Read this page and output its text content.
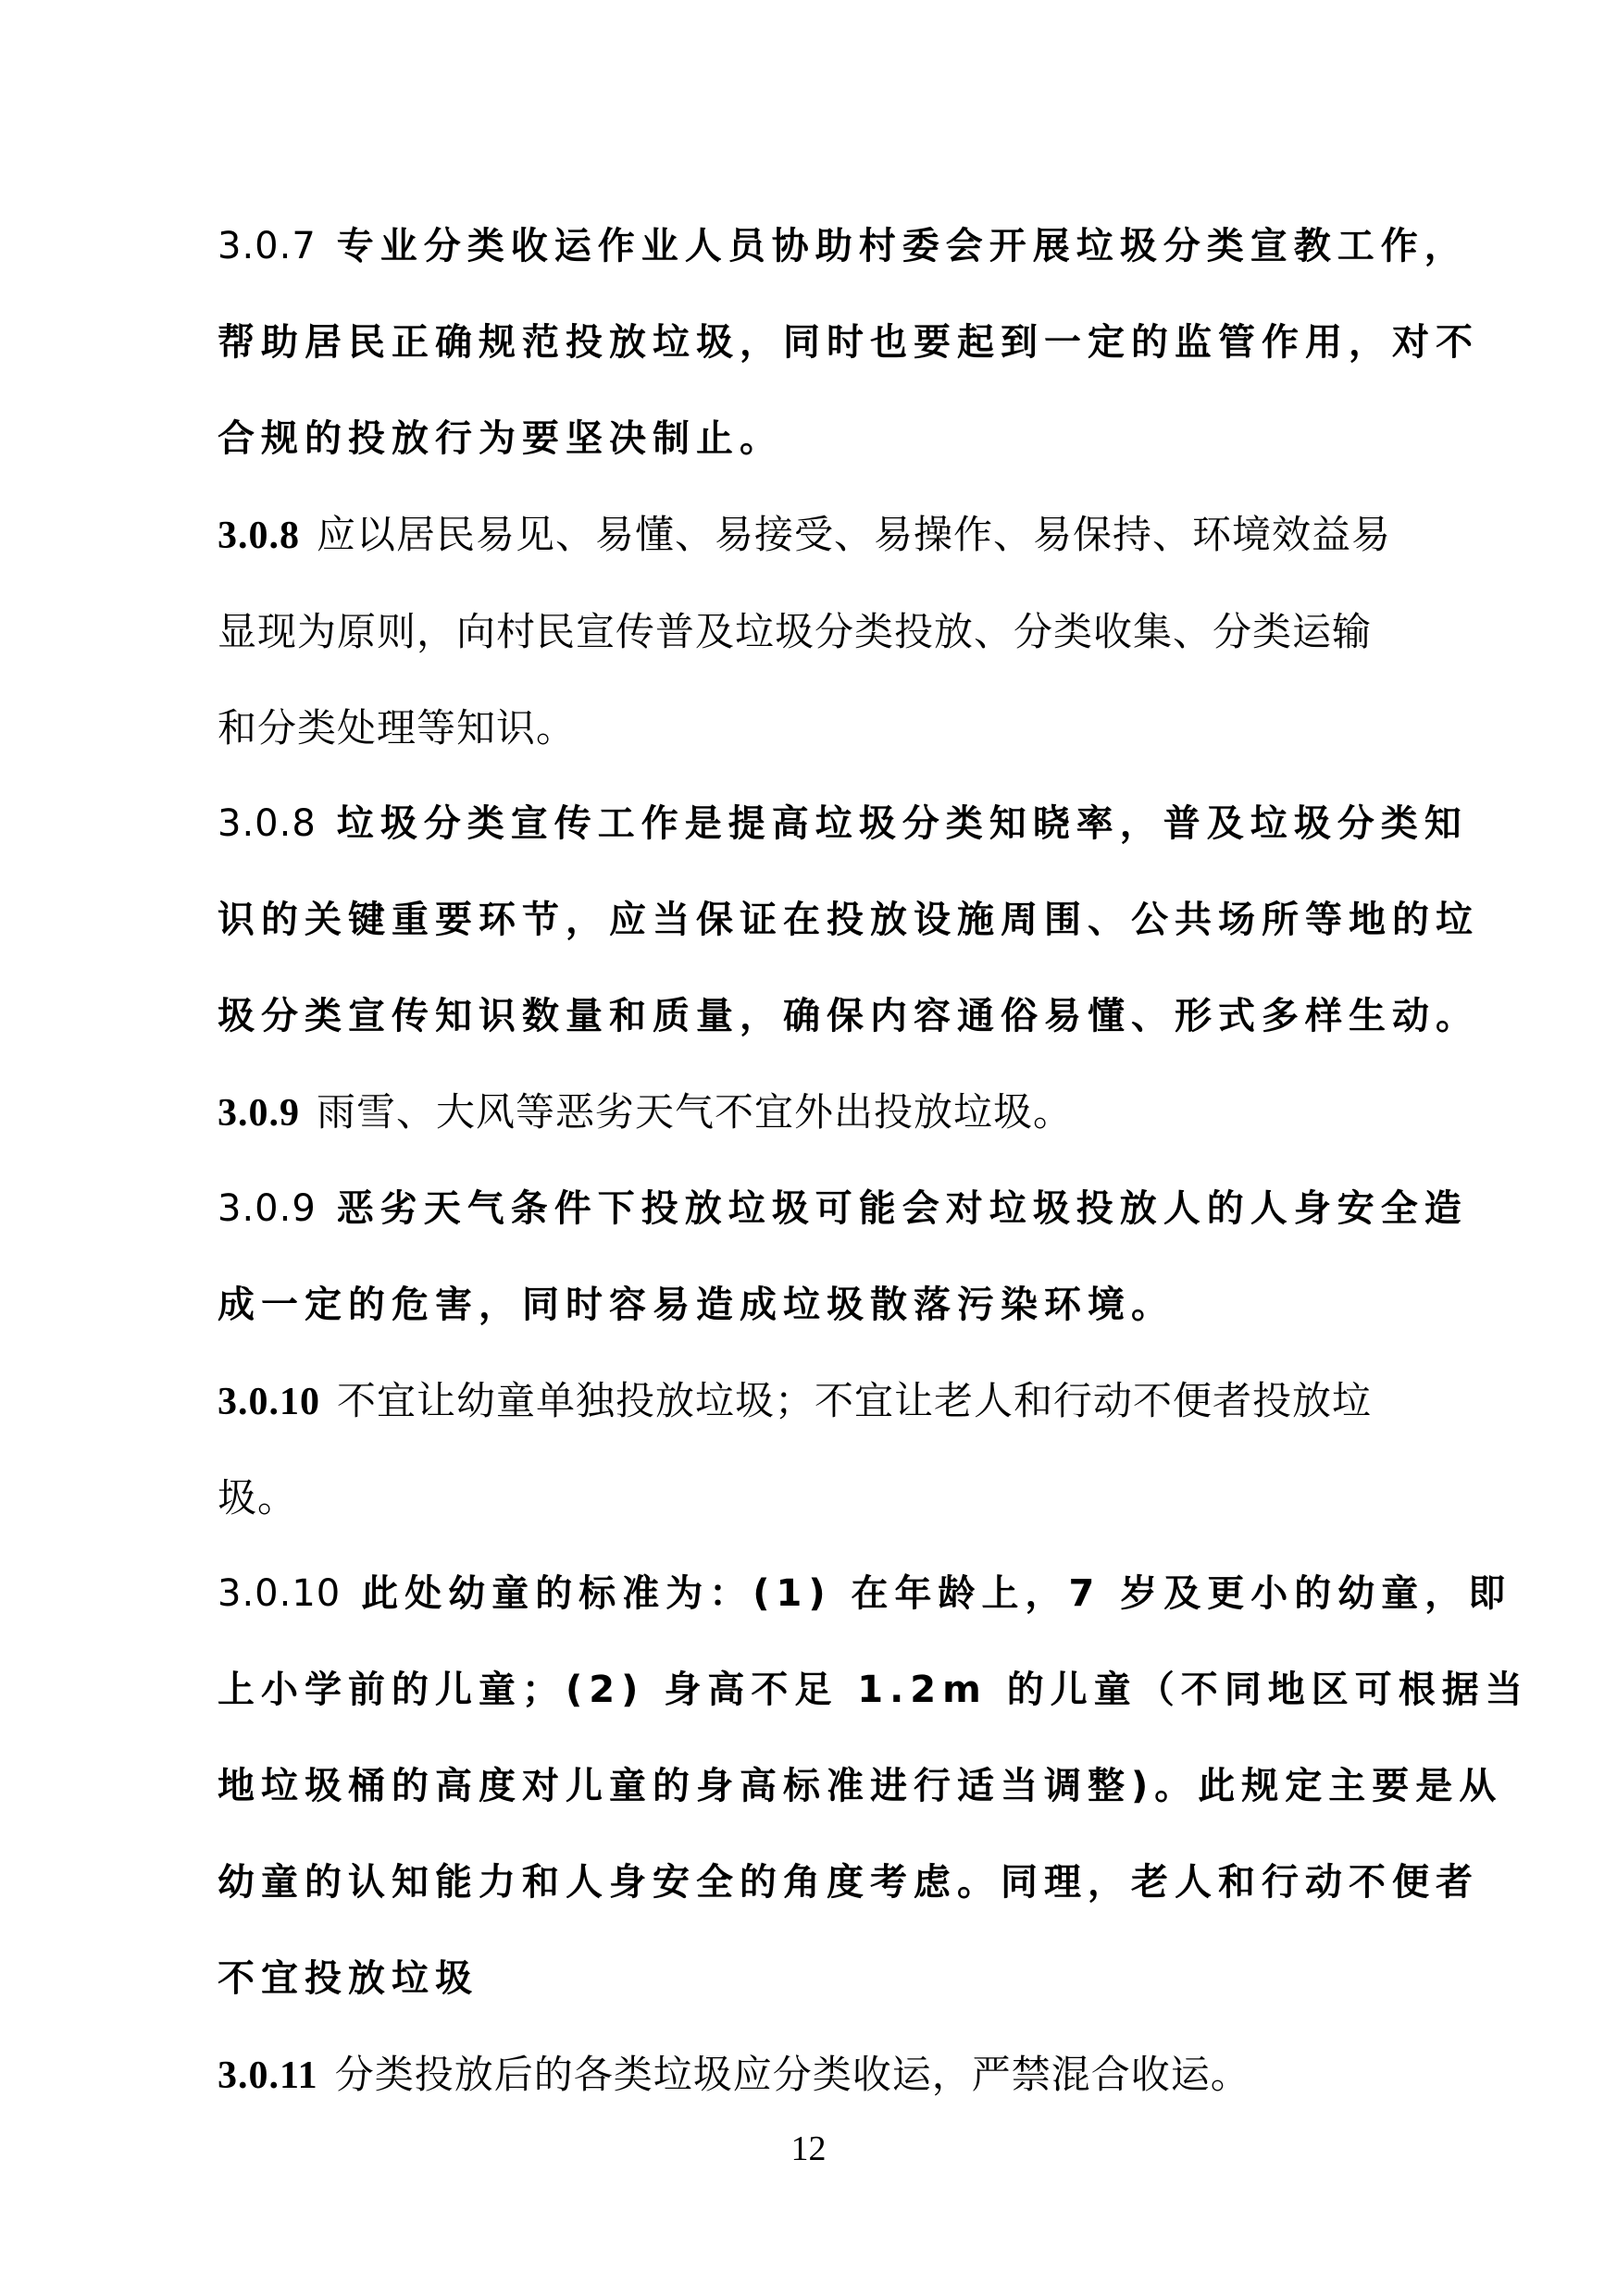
3.0.7 专业分类收运作业人员协助村委会开展垃圾分类宣教工作，
帮助居民正确规范投放垃圾，同时也要起到一定的监管作用，对不
合规的投放行为要坚决制止。
3.0.8 应以居民易见、易懂、易接受、易操作、易保持、环境效益易
显现为原则，向村民宣传普及垃圾分类投放、分类收集、分类运输
和分类处理等知识。
3.0.8 垃圾分类宣传工作是提高垃圾分类知晓率，普及垃圾分类知
识的关键重要环节，应当保证在投放设施周围、公共场所等地的垃
圾分类宣传知识数量和质量，确保内容通俗易懂、形式多样生动。
3.0.9 雨雪、大风等恶劣天气不宜外出投放垃圾。
3.0.9 恶劣天气条件下投放垃圾可能会对垃圾投放人的人身安全造
成一定的危害，同时容易造成垃圾散落污染环境。
3.0.10 不宜让幼童单独投放垃圾；不宜让老人和行动不便者投放垃
圾。
3.0.10 此处幼童的标准为：(1) 在年龄上，7 岁及更小的幼童，即
上小学前的儿童；(2) 身高不足 1.2m 的儿童（不同地区可根据当
地垃圾桶的高度对儿童的身高标准进行适当调整)。此规定主要是从
幼童的认知能力和人身安全的角度考虑。同理，老人和行动不便者
不宜投放垃圾
3.0.11 分类投放后的各类垃圾应分类收运，严禁混合收运。
12
